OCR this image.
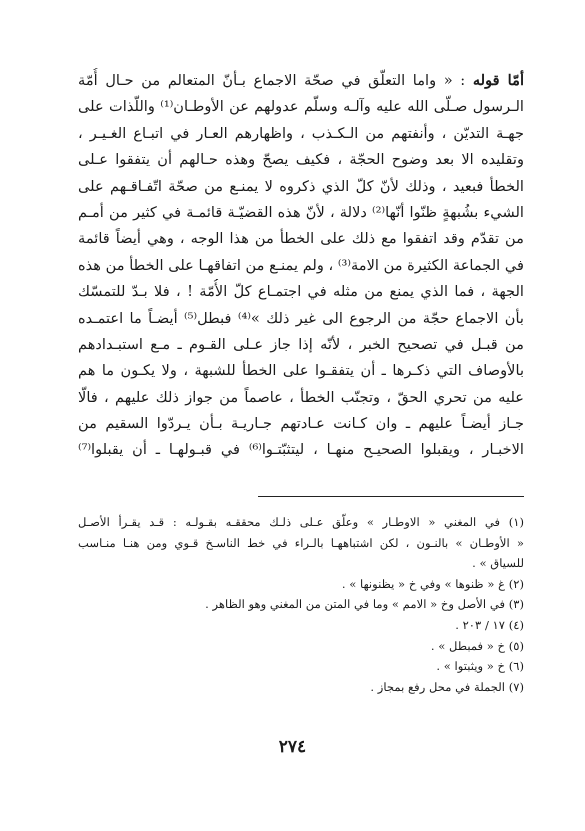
أمّا قوله : « واما التعلّق في صحّة الاجماع بـأنّ المتعالم من حـال أُمّة
الـرسول صـلّى الله عليه وآلـه وسلّم عدولهم عن الأوطـان⁽¹⁾ واللّذات على
جهـة التديّن ، وأنفتهم من الـكـذب ، واظهارهم العـار في اتبـاع الغـيـر ،
وتقليده الا بعد وضوح الحجّة ، فكيف يصحّ وهذه حـالهم أن يتفقوا عـلى
الخطأ فبعيد ، وذلك لأنّ كلّ الذي ذكروه لا يمنـع من صحّة اتّفـاقـهم على
الشيء بشُبهةٍ ظنّوا أنّها⁽²⁾ دلالة ، لأنّ هذه القضيّـة قائمـة في كثير من أمـم
من تقدّم وقد اتفقوا مع ذلك على الخطأ من هذا الوجه ، وهي أيضاً قائمة
في الجماعة الكثيرة من الامة⁽³⁾ ، ولم يمنـع من اتفاقهـا على الخطأ من هذه
الجهة ، فما الذي يمنع من مثله في اجتمـاع كلّ الأُمّة ! ، فلا بـدّ للتمسّك
بأن الاجماع حجّة من الرجوع الى غير ذلك »⁽⁴⁾ فبطل⁽⁵⁾ أيضـاً ما اعتمـده
من قبـل في تصحيح الخبر ، لأنّه إذا جاز عـلى القـوم ـ مـع استبـدادهم
بالأوصاف التي ذكـرها ـ أن يتفقـوا على الخطأ للشبهة ، ولا يكـون ما هم
عليه من تحري الحقّ ، وتجنّب الخطأ ، عاصماً من جواز ذلك عليهم ، فالّا
جـاز أيضـاً عليهم ـ وان كـانت عـادتهم جـاريـة بـأن يـردّوا السقيم من
الاخبـار ، ويقبلوا الصحيـح منهـا ، ليتثبّتـوا⁽⁶⁾ في قبـولهـا ـ أن يقبلوا⁽⁷⁾
(١) في المغني « الاوطـار » وعلّق عـلى ذلـك محققـه بقـولـه : قـد يقـرأ الأصـل
« الأوطـان » بالنـون ، لكن اشتباههـا بالـراء في خط الناسـخ قـوي ومن هنـا منـاسب
للسياق » .
(٢) غ « ظنوها » وفي خ « يظنونها » .
(٣) في الأصل وخ « الامم » وما في المتن من المغني وهو الظاهر .
(٤) ١٧ / ٢٠٣ .
(٥) خ « فمبطل » .
(٦) خ « ويثبتوا » .
(٧) الجملة في محل رفع بمجاز .
٢٧٤
